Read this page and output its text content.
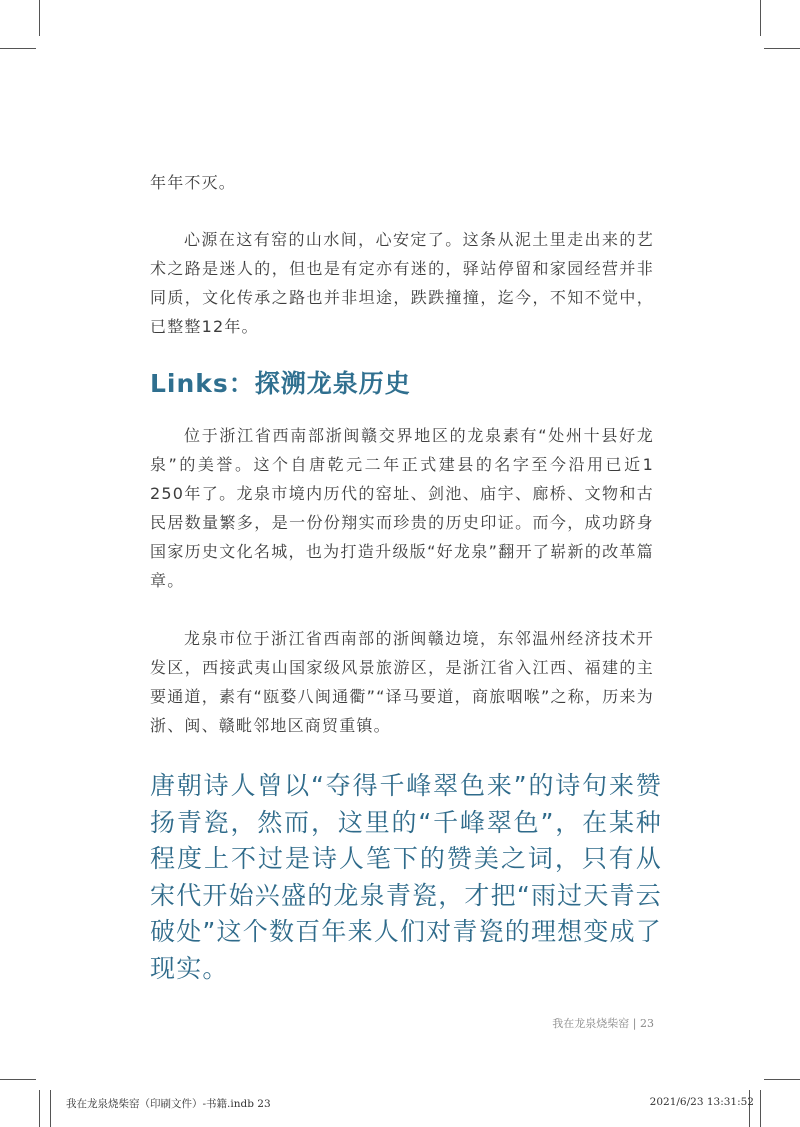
年年不灭。

心源在这有窑的山水间，心安定了。这条从泥土里走出来的艺术之路是迷人的，但也是有定亦有迷的，驿站停留和家园经营并非同质，文化传承之路也并非坦途，跌跌撞撞，迄今，不知不觉中，已整整12年。

Links：探溯龙泉历史

位于浙江省西南部浙闽赣交界地区的龙泉素有“处州十县好龙泉”的美誉。这个自唐乾元二年正式建县的名字至今沿用已近1 250年了。龙泉市境内历代的窑址、剑池、庙宇、廊桥、文物和古民居数量繁多，是一份份翔实而珍贵的历史印证。而今，成功跻身国家历史文化名城，也为打造升级版“好龙泉”翻开了崭新的改革篇章。

龙泉市位于浙江省西南部的浙闽赣边境，东邻温州经济技术开发区，西接武夷山国家级风景旅游区，是浙江省入江西、福建的主要通道，素有“瓯婺八闽通衢”“译马要道，商旅咽喉”之称，历来为浙、闽、赣毗邻地区商贸重镇。

唐朝诗人曾以“夺得千峰翠色来”的诗句来赞扬青瓷，然而，这里的“千峰翠色”，在某种程度上不过是诗人笔下的赞美之词，只有从宋代开始兴盛的龙泉青瓷，才把“雨过天青云破处”这个数百年来人们对青瓷的理想变成了现实。

我在龙泉烧柴窑 | 23
我在龙泉烧柴窑（印刷文件）-书籍.indb 23	2021/6/23 13:31:52
